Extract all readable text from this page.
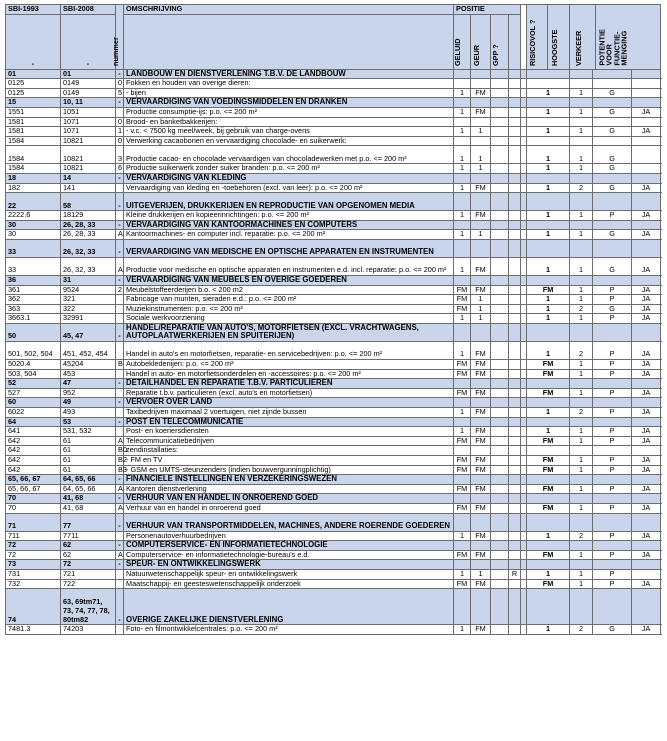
SBI-1993	SBI-2008	nummer	OMSCHRIJVING	POSITIE					RISICOVOL ?	HOOGSTE	VERKEER		POTENTIE VOOR FUNCTIE-MENGING	

-	-			GELUID	GEUR	GPP ?								

01	01	-	LANDBOUW EN DIENSTVERLENING T.B.V. DE LANDBOUW											
0125	0149	0	Fokken en houden van overige dieren:											
0125	0149	5	- bijen	1	FM				1		1	G		
15	10, 11	-	VERVAARDIGING VAN VOEDINGSMIDDELEN EN DRANKEN											
1551	1051		Productie consumptie-ijs: p.o. <= 200 m²	1	FM				1		1	G		JA
1581	1071	0	Brood- en banketbakkerijen:											
1581	1071	1	- v.c. < 7500 kg meel/week, bij gebruik van charge-ovens	1	1				1		1	G		JA
1584	10821	0	Verwerking cacaobonen en vervaardiging chocolade- en suikerwerk:											
1584	10821	3	Productie cacao- en chocolade vervaardigen van chocoladewerken met p.o. <= 200 m²	1	1				1		1	G		
1584	10821	6	Productie suikerwerk zonder suiker branden: p.o. <= 200 m²	1	1				1		1	G		
18	14	-	VERVAARDIGING VAN KLEDING											
182	141		Vervaardiging van kleding en -toebehoren (excl. van leer): p.o. <= 200 m²	1	FM				1		2	G		JA
22	58	-	UITGEVERIJEN, DRUKKERIJEN EN REPRODUCTIE VAN OPGENOMEN MEDIA											
2222.6	18129		Kleine drukkerijen en kopieerinrichtingen: p.o. <= 200 m²	1	FM				1		1	P		JA
30	26, 28, 33	-	VERVAARDIGING VAN KANTOORMACHINES EN COMPUTERS											
30	26, 28, 33	A	Kantoormachines- en computer incl. reparatie: p.o. <= 200 m²	1	1				1		1	G		JA
33	26, 32, 33	-	VERVAARDIGING VAN MEDISCHE EN OPTISCHE APPARATEN EN INSTRUMENTEN											
33	26, 32, 33	A	Productie voor medische en optische apparaten en instrumenten e.d. incl. reparatie: p.o. <= 200 m²	1	FM				1		1	G		JA
36	31	-	VERVAARDIGING VAN MEUBELS EN OVERIGE GOEDEREN											
361	9524	2	Meubelstoffeerderijen b.o. < 200 m2	FM	FM				FM		1	P		JA
362	321		Fabricage van munten, sieraden e.d.: p.o. <= 200 m²	FM	1				1		1	P		JA
363	322		Muziekinstrumenten: p.o. <= 200 m²	FM	1				1		2	G		JA
3663.1	32991		Sociale werkvoorziening	1	1				1		1	P		JA
50	45, 47	-	HANDEL/REPARATIE VAN AUTO'S, MOTORFIETSEN (EXCL. VRACHTWAGENS, AUTOPLAATWERKERIJEN EN SPUITERIJEN)											
501, 502, 504	451, 452, 454		Handel in auto's en motorfietsen, reparatie- en servicebedrijven: p.o. <= 200 m²	1	FM				1		2	P		JA
5020.4	45204	B	Autobekledenijen: p.o. <= 200 m²	FM	FM				FM		1	P		JA
503, 504	453		Handel in auto- en motorfietsonderdelen en -accessoires: p.o. <= 200 m²	FM	FM				FM		1	P		JA
52	47	-	DETAILHANDEL EN REPARATIE T.B.V. PARTICULIEREN											
527	952		Reparatie t.b.v. particulieren (excl. auto's en motorfietsen)	FM	FM				FM		1	P		JA
60	49	-	VERVOER OVER LAND											
6022	493		Taxibedrijven maximaal 2 voertuigen, niet zijnde bussen	1	FM				1		2	P		JA
64	53	-	POST EN TELECOMMUNICATIE											
641	531, 532		Post- en koeriersdiensten	1	FM				1		1	P		JA
642	61	A	Telecommunicatiebedrijven	FM	FM				FM		1	P		JA
642	61	B0	zendinstallaties:											
642	61	B2	- FM en TV	FM	FM				FM		1	P		JA
642	61	B3	- GSM en UMTS-steunzenders (indien bouwvergunningplichtig)	FM	FM				FM		1	P		JA
65, 66, 67	64, 65, 66	-	FINANCIELE INSTELLINGEN EN VERZEKERINGSWEZEN											
65, 66, 67	64, 65, 66	A	Kantoren dienstverlening	FM	FM				FM		1	P		JA
70	41, 68	-	VERHUUR VAN EN HANDEL IN ONROEREND GOED											
70	41, 68	A	Verhuur van en handel in onroerend goed	FM	FM				FM		1	P		JA
71	77	-	VERHUUR VAN TRANSPORTMIDDELEN, MACHINES, ANDERE ROERENDE GOEDEREN											
711	7711		Personenautoverhuurbedrijven	1	FM				1		2	P		JA
72	62	-	COMPUTERSERVICE- EN INFORMATIETECHNOLOGIE											
72	62	A	Computerservice- en informatietechnologie-bureau's e.d.	FM	FM				FM		1	P		JA
73	72	-	SPEUR- EN ONTWIKKELINGSWERK											
731	721		Natuurwetenschappelijk speur- en ontwikkelingswerk	1	1		R		1		1	P		
732	722		Maatschappij- en geesteswetenschappelijk onderzoek	FM	FM				FM		1	P		JA
74	63, 69tm71, 73, 74, 77, 78, 80tm82	-	OVERIGE ZAKELIJKE DIENSTVERLENING											
7481.3	74203		Foto- en filmontwikkelcentrales: p.o. <= 200 m²	1	FM				1		2	G		JA
